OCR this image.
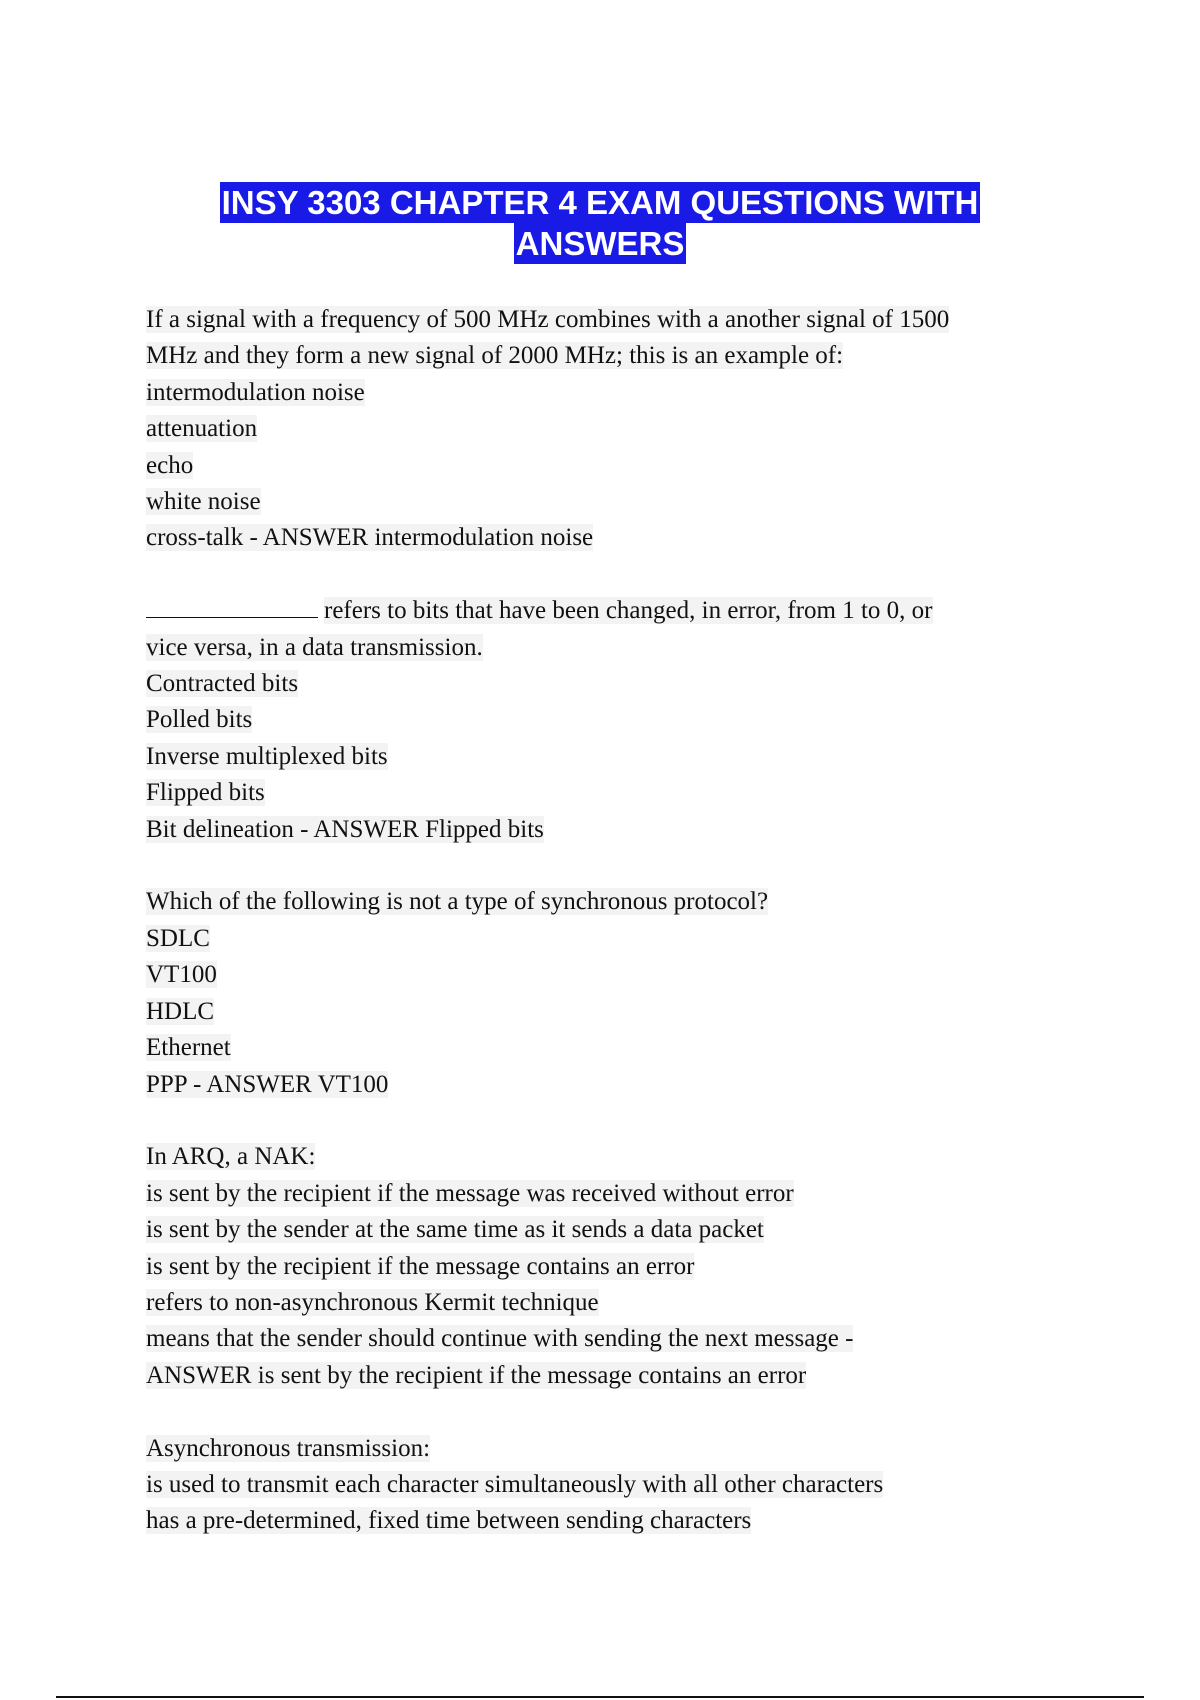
INSY 3303 CHAPTER 4 EXAM QUESTIONS WITH
ANSWERS
If a signal with a frequency of 500 MHz combines with a another signal of 1500
MHz and they form a new signal of 2000 MHz; this is an example of:
intermodulation noise
attenuation
echo
white noise
cross-talk - ANSWER intermodulation noise
refers to bits that have been changed, in error, from 1 to 0, or
vice versa, in a data transmission.
Contracted bits
Polled bits
Inverse multiplexed bits
Flipped bits
Bit delineation - ANSWER Flipped bits
Which of the following is not a type of synchronous protocol?
SDLC
VT100
HDLC
Ethernet
PPP - ANSWER VT100
In ARQ, a NAK:
is sent by the recipient if the message was received without error
is sent by the sender at the same time as it sends a data packet
is sent by the recipient if the message contains an error
refers to non-asynchronous Kermit technique
means that the sender should continue with sending the next message -
ANSWER is sent by the recipient if the message contains an error
Asynchronous transmission:
is used to transmit each character simultaneously with all other characters
has a pre-determined, fixed time between sending characters
